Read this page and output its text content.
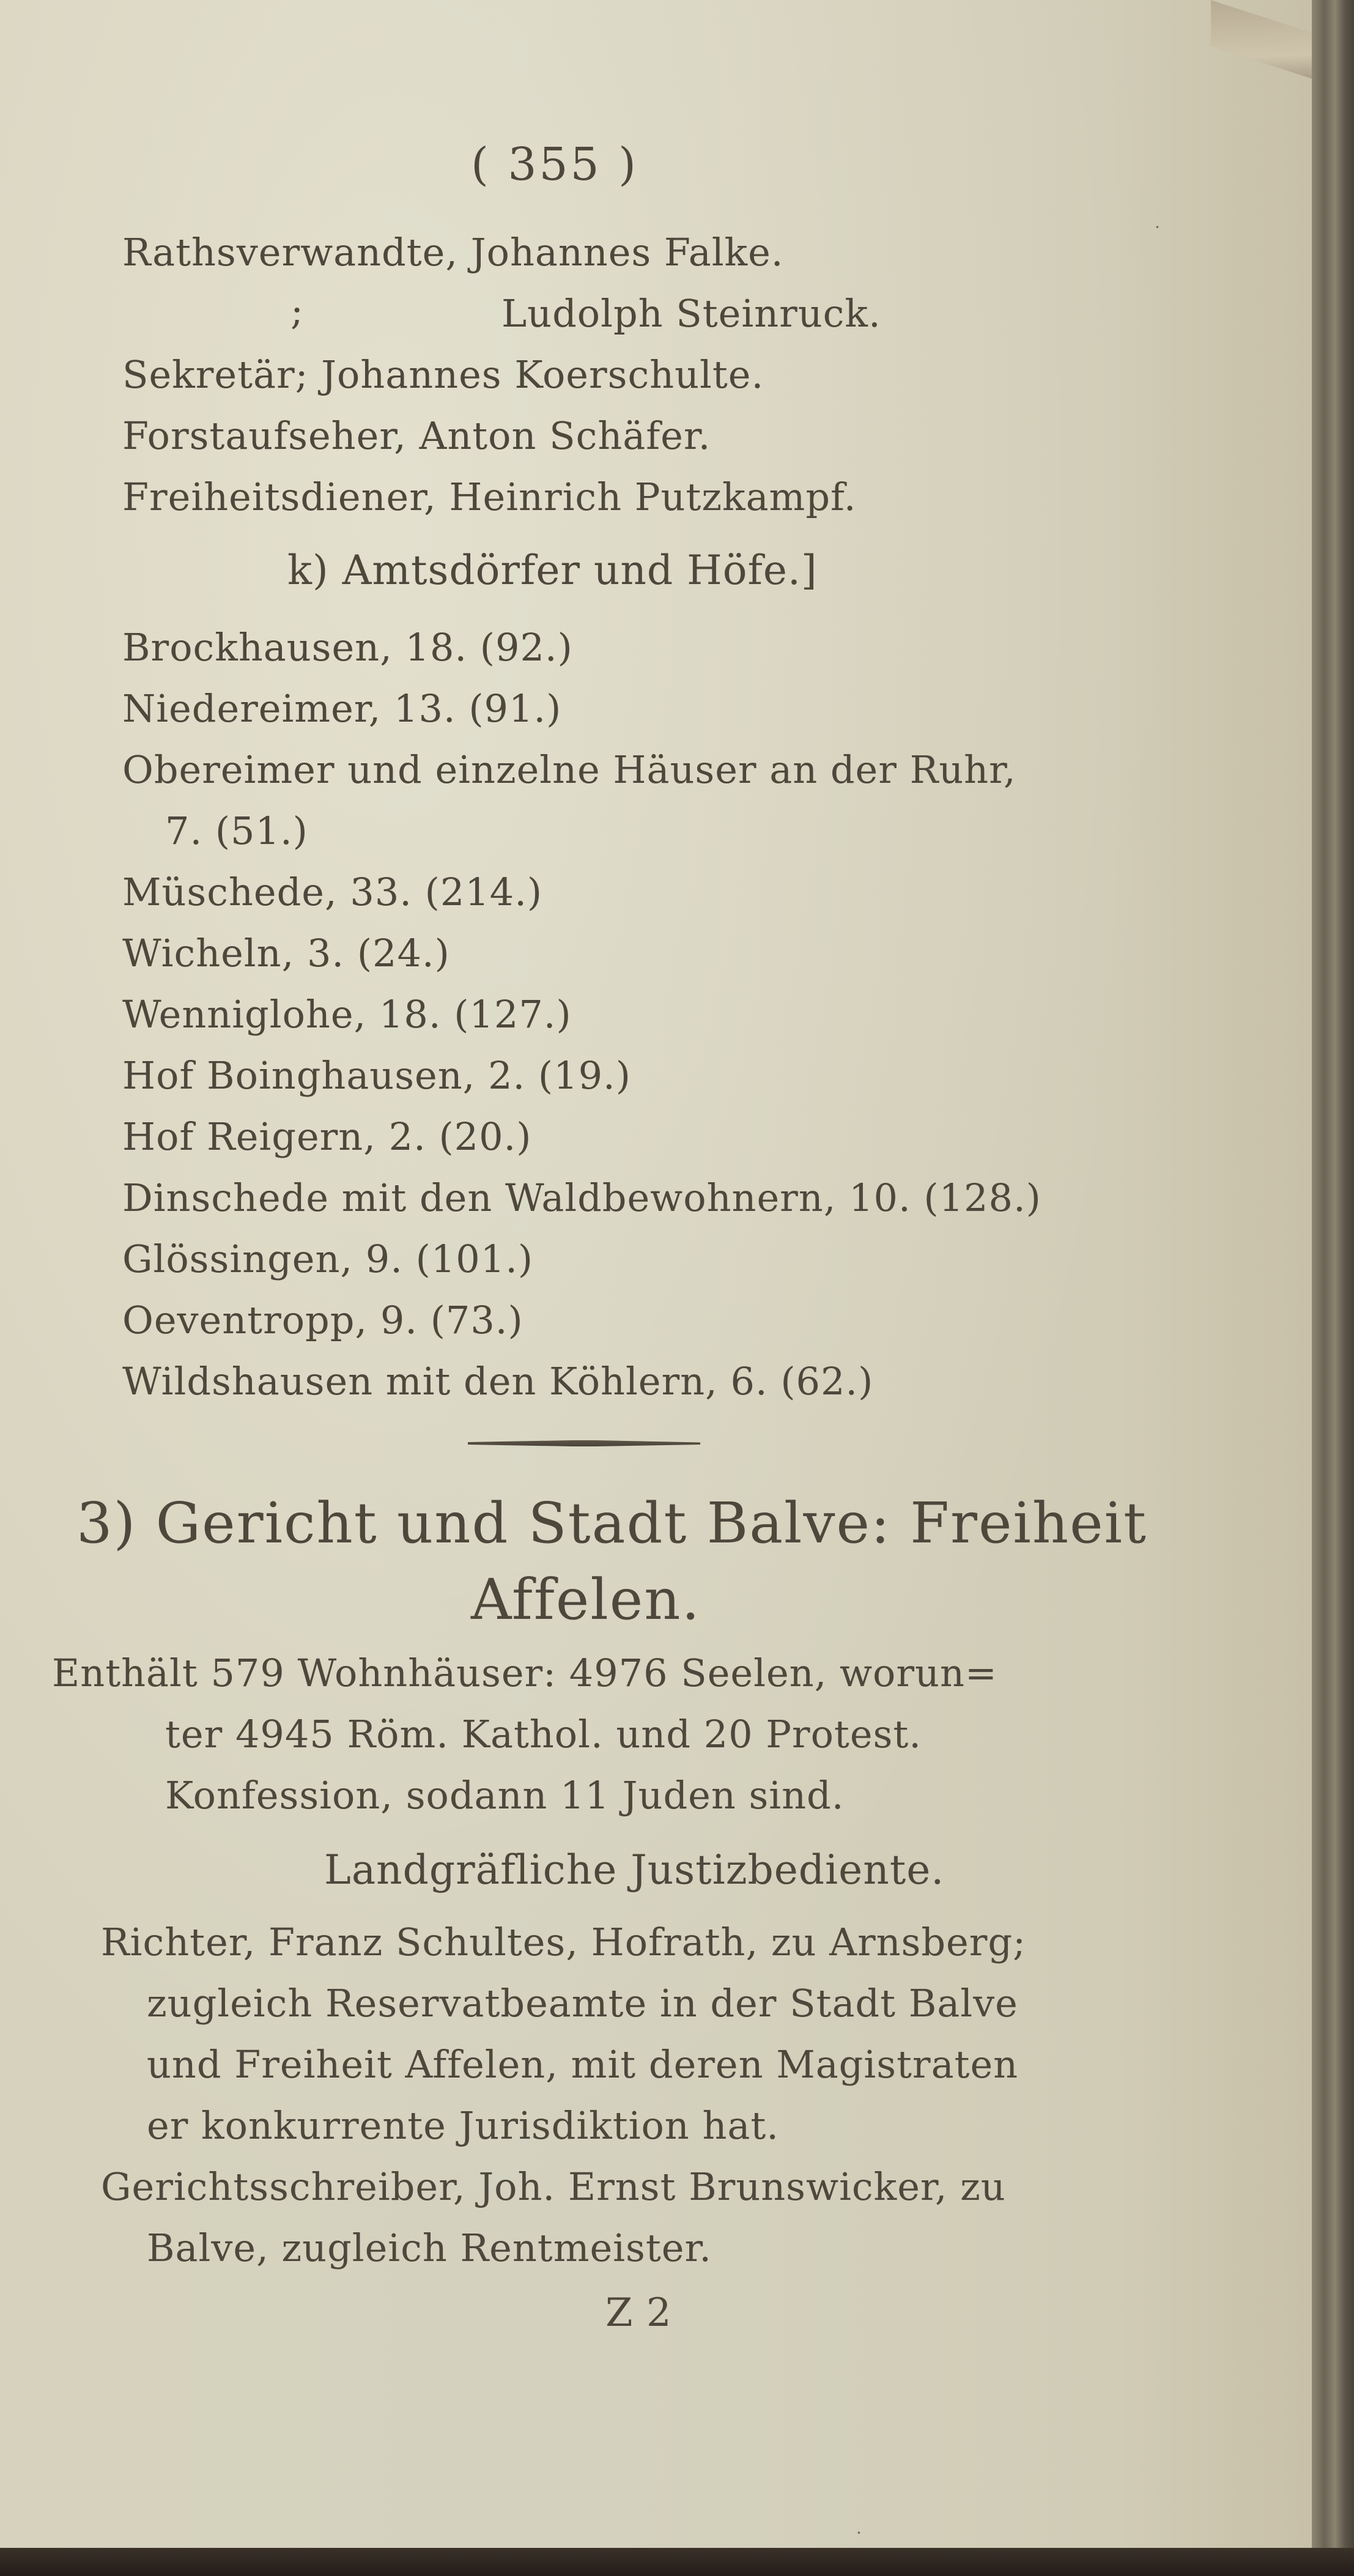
( 355 )
Rathsverwandte, Johannes Falke.
;	Ludolph Steinruck.
Sekretär; Johannes Koerschulte.
Forstaufseher, Anton Schäfer.
Freiheitsdiener, Heinrich Putzkampf.
k) Amtsdörfer und Höfe.]
Brockhausen, 18. (92.)
Niedereimer, 13. (91.)
Obereimer und einzelne Häuser an der Ruhr,
7. (51.)
Müschede, 33. (214.)
Wicheln, 3. (24.)
Wenniglohe, 18. (127.)
Hof Boinghausen, 2. (19.)
Hof Reigern, 2. (20.)
Dinschede mit den Waldbewohnern, 10. (128.)
Glössingen, 9. (101.)
Oeventropp, 9. (73.)
Wildshausen mit den Köhlern, 6. (62.)
3) Gericht und Stadt Balve: Freiheit
Affelen.
Enthält 579 Wohnhäuser: 4976 Seelen, worun=
ter 4945 Röm. Kathol. und 20 Protest.
Konfession, sodann 11 Juden sind.
Landgräfliche Justizbediente.
Richter, Franz Schultes, Hofrath, zu Arnsberg;
zugleich Reservatbeamte in der Stadt Balve
und Freiheit Affelen, mit deren Magistraten
er konkurrente Jurisdiktion hat.
Gerichtsschreiber, Joh. Ernst Brunswicker, zu
Balve, zugleich Rentmeister.
Z 2
·
·
